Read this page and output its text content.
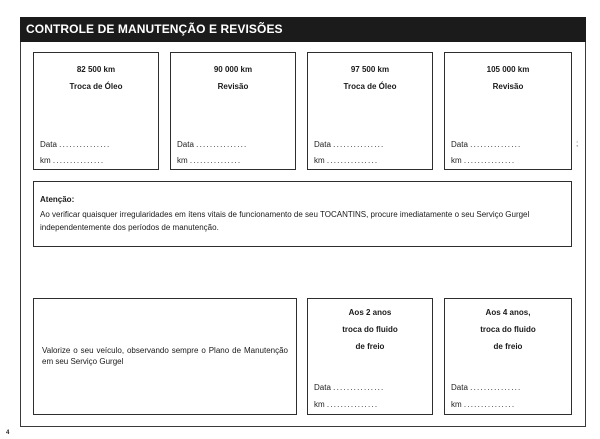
CONTROLE DE MANUTENÇÃO E REVISÕES
82 500 km
Troca de Óleo
Data ...............
km ...............
90 000 km
Revisão
Data ...............
km ...............
97 500 km
Troca de Óleo
Data ...............
km ...............
105 000 km
Revisão
Data ...............
km ...............
;
Atenção:
Ao verificar quaisquer irregularidades em ítens vitais de funcionamento de seu TOCANTINS, procure imediatamente o seu Serviço Gurgel independentemente dos períodos de manutenção.
Valorize o seu veículo, observando sempre o Plano de Manutenção em seu Serviço Gurgel
Aos 2 anos
troca do fluido
de freio
Data ...............
km ...............
Aos 4 anos,
troca do fluido
de freio
Data ...............
km ...............
4
